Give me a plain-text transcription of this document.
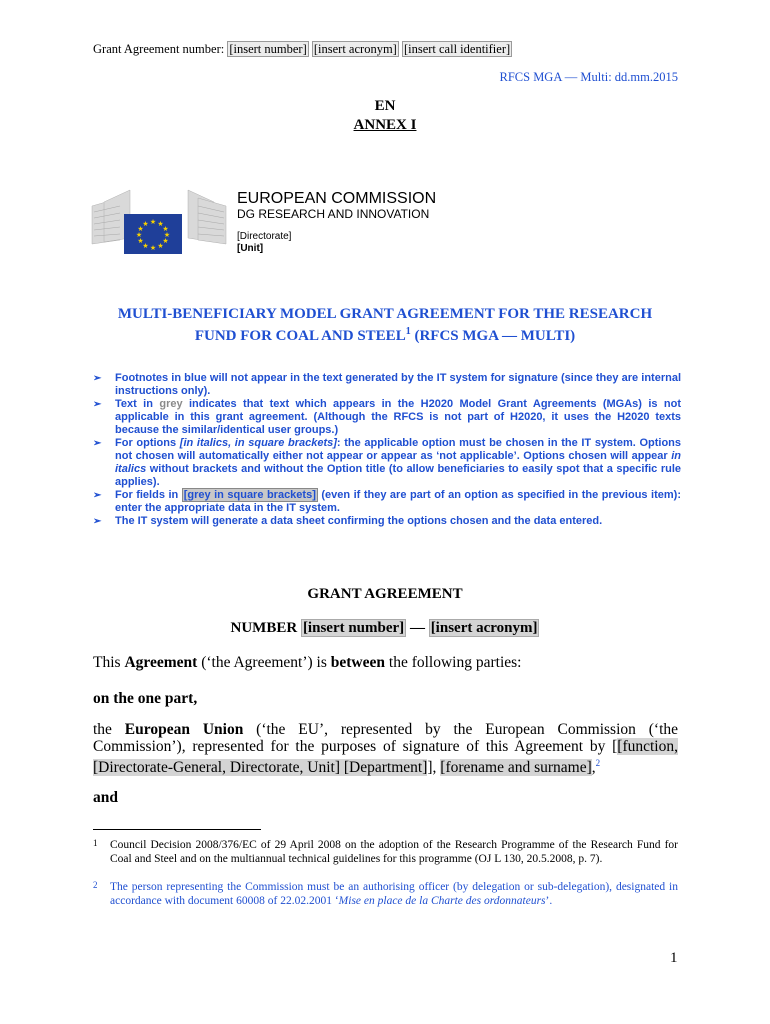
Grant Agreement number: [insert number] [insert acronym] [insert call identifier]
RFCS MGA — Multi: dd.mm.2015
EN
ANNEX I
★ ★
★
★
★
★
★
★
★
★
★
★
EUROPEAN COMMISSION
DG RESEARCH AND INNOVATION
[Directorate]
[Unit]
MULTI-BENEFICIARY MODEL GRANT AGREEMENT FOR THE RESEARCH
FUND FOR COAL AND STEEL$^1$ (RFCS MGA — MULTI)
➢ Footnotes in blue will not appear in the text generated by the IT system for signature (since they are internal instructions only).
➢ Text in grey indicates that text which appears in the H2020 Model Grant Agreements (MGAs) is not applicable in this grant agreement. (Although the RFCS is not part of H2020, it uses the H2020 texts because the similar/identical user groups.)
➢ For options [in italics, in square brackets]: the applicable option must be chosen in the IT system. Options not chosen will automatically either not appear or appear as ‘not applicable’. Options chosen will appear in italics without brackets and without the Option title (to allow beneficiaries to easily spot that a specific rule applies).
➢ For fields in [grey in square brackets] (even if they are part of an option as specified in the previous item): enter the appropriate data in the IT system.
➢ The IT system will generate a data sheet confirming the options chosen and the data entered.
GRANT AGREEMENT
NUMBER [insert number] — [insert acronym]
This Agreement (‘the Agreement’) is between the following parties:
on the one part,
the European Union (‘the EU’, represented by the European Commission (‘the Commission’), represented for the purposes of signature of this Agreement by [[function, [Directorate-General, Directorate, Unit] [Department]], [forename and surname],$^2$
and
1 Council Decision 2008/376/EC of 29 April 2008 on the adoption of the Research Programme of the Research Fund for Coal and Steel and on the multiannual technical guidelines for this programme (OJ L 130, 20.5.2008, p. 7).
2 The person representing the Commission must be an authorising officer (by delegation or sub-delegation), designated in accordance with document 60008 of 22.02.2001 ‘Mise en place de la Charte des ordonnateurs’.
1
